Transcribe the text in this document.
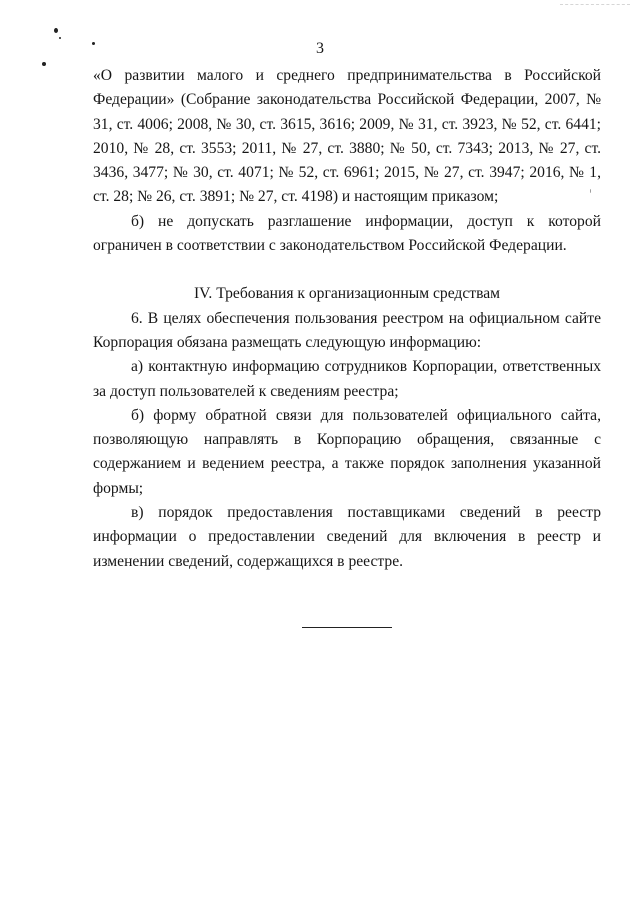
3

«О развитии малого и среднего предпринимательства в Российской Федерации» (Собрание законодательства Российской Федерации, 2007, № 31, ст. 4006; 2008, № 30, ст. 3615, 3616; 2009, № 31, ст. 3923, № 52, ст. 6441; 2010, № 28, ст. 3553; 2011, № 27, ст. 3880; № 50, ст. 7343; 2013, № 27, ст. 3436, 3477; № 30, ст. 4071; № 52, ст. 6961; 2015, № 27, ст. 3947; 2016, № 1, ст. 28; № 26, ст. 3891; № 27, ст. 4198) и настоящим приказом;

б) не допускать разглашение информации, доступ к которой ограничен в соответствии с законодательством Российской Федерации.

IV. Требования к организационным средствам

6. В целях обеспечения пользования реестром на официальном сайте Корпорация обязана размещать следующую информацию:

а) контактную информацию сотрудников Корпорации, ответственных за доступ пользователей к сведениям реестра;

б) форму обратной связи для пользователей официального сайта, позволяющую направлять в Корпорацию обращения, связанные с содержанием и ведением реестра, а также порядок заполнения указанной формы;

в) порядок предоставления поставщиками сведений в реестр информации о предоставлении сведений для включения в реестр и изменении сведений, содержащихся в реестре.
